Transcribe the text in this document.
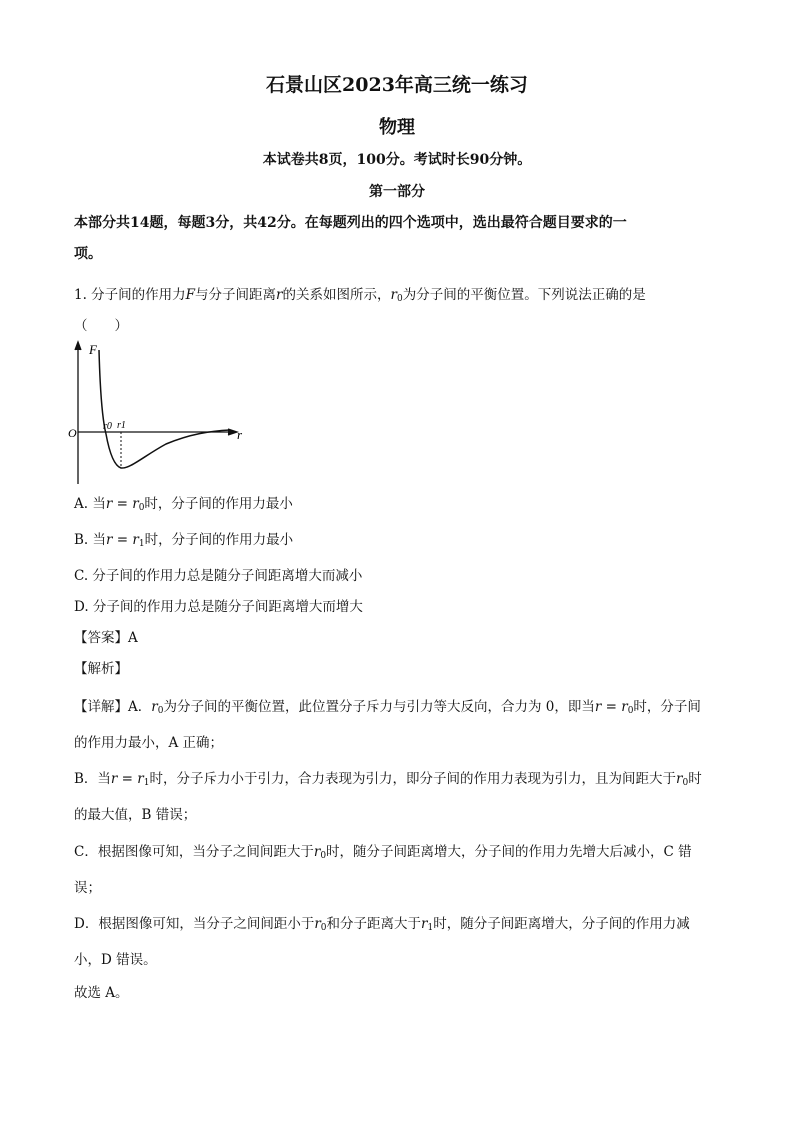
石景山区2023年高三统一练习
物理
本试卷共8页，100分。考试时长90分钟。
第一部分
本部分共14题，每题3分，共42分。在每题列出的四个选项中，选出最符合题目要求的一
项。
1. 分子间的作用力F与分子间距离r的关系如图所示，$r_0$为分子间的平衡位置。下列说法正确的是
（　　）
F
r
O	r0 r1
A. 当$r = r_0$时，分子间的作用力最小
B. 当$r = r_1$时，分子间的作用力最小
C. 分子间的作用力总是随分子间距离增大而减小
D. 分子间的作用力总是随分子间距离增大而增大
【答案】A
【解析】
【详解】A．$r_0$为分子间的平衡位置，此位置分子斥力与引力等大反向，合力为 0，即当$r = r_0$时，分子间
的作用力最小，A 正确；
B．当$r = r_1$时，分子斥力小于引力，合力表现为引力，即分子间的作用力表现为引力，且为间距大于$r_0$时
的最大值，B 错误；
C．根据图像可知，当分子之间间距大于$r_0$时，随分子间距离增大，分子间的作用力先增大后减小，C 错
误；
D．根据图像可知，当分子之间间距小于$r_0$和分子距离大于$r_1$时，随分子间距离增大，分子间的作用力减
小，D 错误。
故选 A。
